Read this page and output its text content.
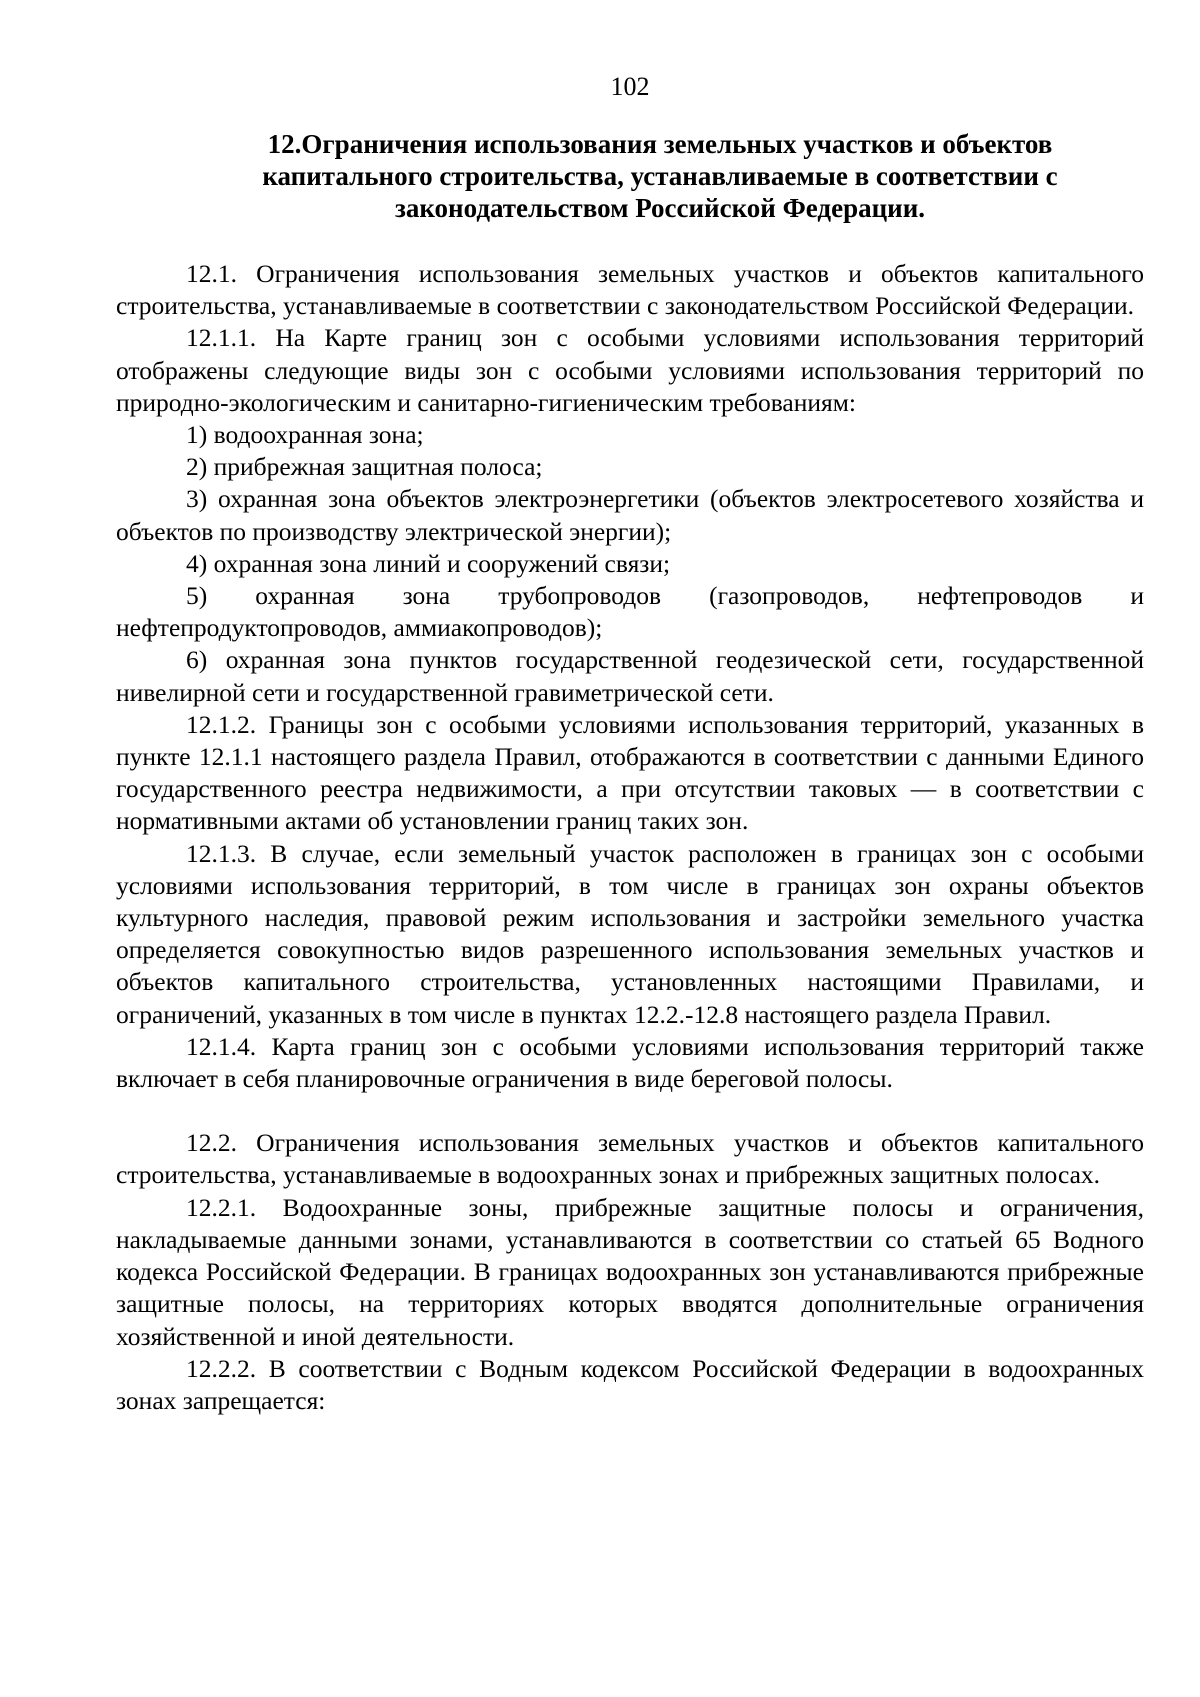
102
12.Ограничения использования земельных участков и объектов
капитального строительства, устанавливаемые в соответствии с
законодательством Российской Федерации.

12.1. Ограничения использования земельных участков и объектов капитального строительства, устанавливаемые в соответствии с законодательством Российской Федерации.

12.1.1. На Карте границ зон с особыми условиями использования территорий отображены следующие виды зон с особыми условиями использования территорий по природно-экологическим и санитарно-гигиеническим требованиям:

1) водоохранная зона;

2) прибрежная защитная полоса;

3) охранная зона объектов электроэнергетики (объектов электросетевого хозяйства и объектов по производству электрической энергии);

4) охранная зона линий и сооружений связи;

5) охранная зона трубопроводов (газопроводов, нефтепроводов и нефтепродуктопроводов, аммиакопроводов);

6) охранная зона пунктов государственной геодезической сети, государственной нивелирной сети и государственной гравиметрической сети.

12.1.2. Границы зон с особыми условиями использования территорий, указанных в пункте 12.1.1 настоящего раздела Правил, отображаются в соответствии с данными Единого государственного реестра недвижимости, а при отсутствии таковых — в соответствии с нормативными актами об установлении границ таких зон.

12.1.3. В случае, если земельный участок расположен в границах зон с особыми условиями использования территорий, в том числе в границах зон охраны объектов культурного наследия, правовой режим использования и застройки земельного участка определяется совокупностью видов разрешенного использования земельных участков и объектов капитального строительства, установленных настоящими Правилами, и ограничений, указанных в том числе в пунктах 12.2.-12.8 настоящего раздела Правил.

12.1.4. Карта границ зон с особыми условиями использования территорий также включает в себя планировочные ограничения в виде береговой полосы.

12.2. Ограничения использования земельных участков и объектов капитального строительства, устанавливаемые в водоохранных зонах и прибрежных защитных полосах.

12.2.1. Водоохранные зоны, прибрежные защитные полосы и ограничения, накладываемые данными зонами, устанавливаются в соответствии со статьей 65 Водного кодекса Российской Федерации. В границах водоохранных зон устанавливаются прибрежные защитные полосы, на территориях которых вводятся дополнительные ограничения хозяйственной и иной деятельности.

12.2.2. В соответствии с Водным кодексом Российской Федерации в водоохранных зонах запрещается:
